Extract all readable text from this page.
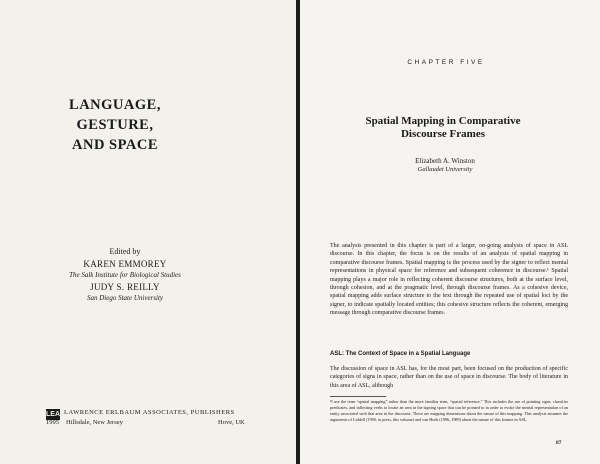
LANGUAGE,
GESTURE,
AND SPACE
Edited by
KAREN EMMOREY
The Salk Institute for Biological Studies
JUDY S. REILLY
San Diego State University
LEA LAWRENCE ERLBAUM ASSOCIATES, PUBLISHERS
1995 Hillsdale, New Jersey	Hove, UK
CHAPTER FIVE
Spatial Mapping in Comparative
Discourse Frames
Elizabeth A. Winston
Gallaudet University
The analysis presented in this chapter is part of a larger, on-going analysis of space in ASL discourse. In this chapter, the focus is on the results of an analysis of spatial mapping in comparative discourse frames. Spatial mapping is the process used by the signer to reflect mental representations in physical space for reference and subsequent coherence in discourse.¹ Spatial mapping plays a major role in reflecting coherent discourse structures, both at the surface level, through cohesion, and at the pragmatic level, through discourse frames. As a cohesive device, spatial mapping adds surface structure to the text through the repeated use of spatial loci by the signer, to indicate spatially located entities; this cohesive structure reflects the coherent, emerging message through comparative discourse frames.
ASL: The Context of Space in a Spatial Language
The discussion of space in ASL has, for the most part, been focused on the production of specific categories of signs in space, rather than on the use of space in discourse. The body of literature in this area of ASL, although
¹I use the term “spatial mapping” rather than the more familiar term, “spatial reference.” This includes the use of pointing signs, classifier predicates, and inflecting verbs to locate an area in the signing space that can be pointed to in order to evoke the mental representation of an entity associated with that area in the discourse. These are mapping dimensions about the nature of this mapping. This analysis assumes the arguments of Liddell (1990, in press, this volume) and van Hoek (1996, 1989) about the nature of this feature in ASL.
87
